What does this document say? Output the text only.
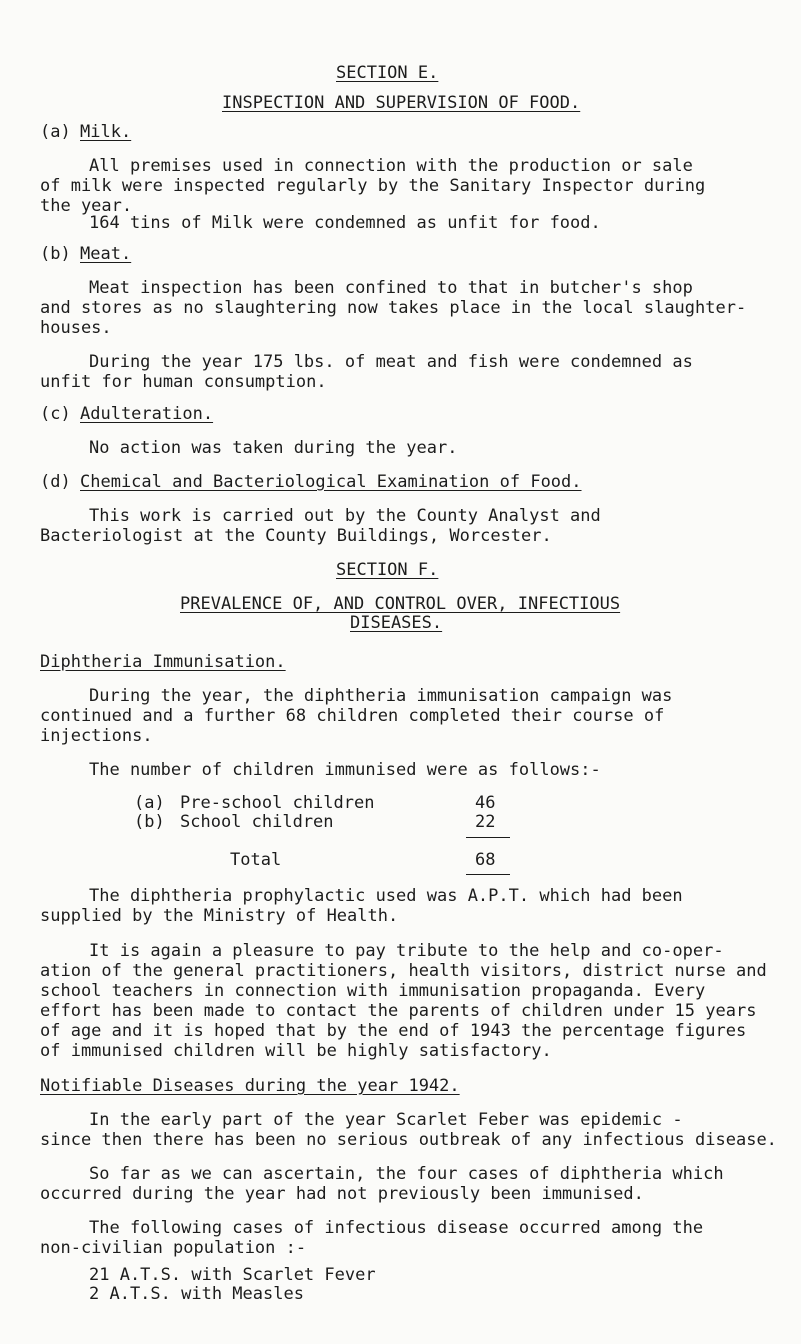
SECTION E.
INSPECTION AND SUPERVISION OF FOOD.
(a) Milk.
All premises used in connection with the production or sale
of milk were inspected regularly by the Sanitary Inspector during
the year.
164 tins of Milk were condemned as unfit for food.
(b) Meat.
Meat inspection has been confined to that in butcher's shop
and stores as no slaughtering now takes place in the local slaughter-
houses.
During the year 175 lbs. of meat and fish were condemned as
unfit for human consumption.
(c) Adulteration.
No action was taken during the year.
(d) Chemical and Bacteriological Examination of Food.
This work is carried out by the County Analyst and
Bacteriologist at the County Buildings, Worcester.
SECTION F.
PREVALENCE OF, AND CONTROL OVER, INFECTIOUS
DISEASES.
Diphtheria Immunisation.
During the year, the diphtheria immunisation campaign was
continued and a further 68 children completed their course of
injections.
The number of children immunised were as follows:-
(a) Pre-school children	46
(b) School children	22
Total	68
The diphtheria prophylactic used was A.P.T. which had been
supplied by the Ministry of Health.
It is again a pleasure to pay tribute to the help and co-oper-
ation of the general practitioners, health visitors, district nurse and
school teachers in connection with immunisation propaganda. Every
effort has been made to contact the parents of children under 15 years
of age and it is hoped that by the end of 1943 the percentage figures
of immunised children will be highly satisfactory.
Notifiable Diseases during the year 1942.
In the early part of the year Scarlet Feber was epidemic -
since then there has been no serious outbreak of any infectious disease.
So far as we can ascertain, the four cases of diphtheria which
occurred during the year had not previously been immunised.
The following cases of infectious disease occurred among the
non-civilian population :-
21 A.T.S. with Scarlet Fever
2 A.T.S. with Measles
